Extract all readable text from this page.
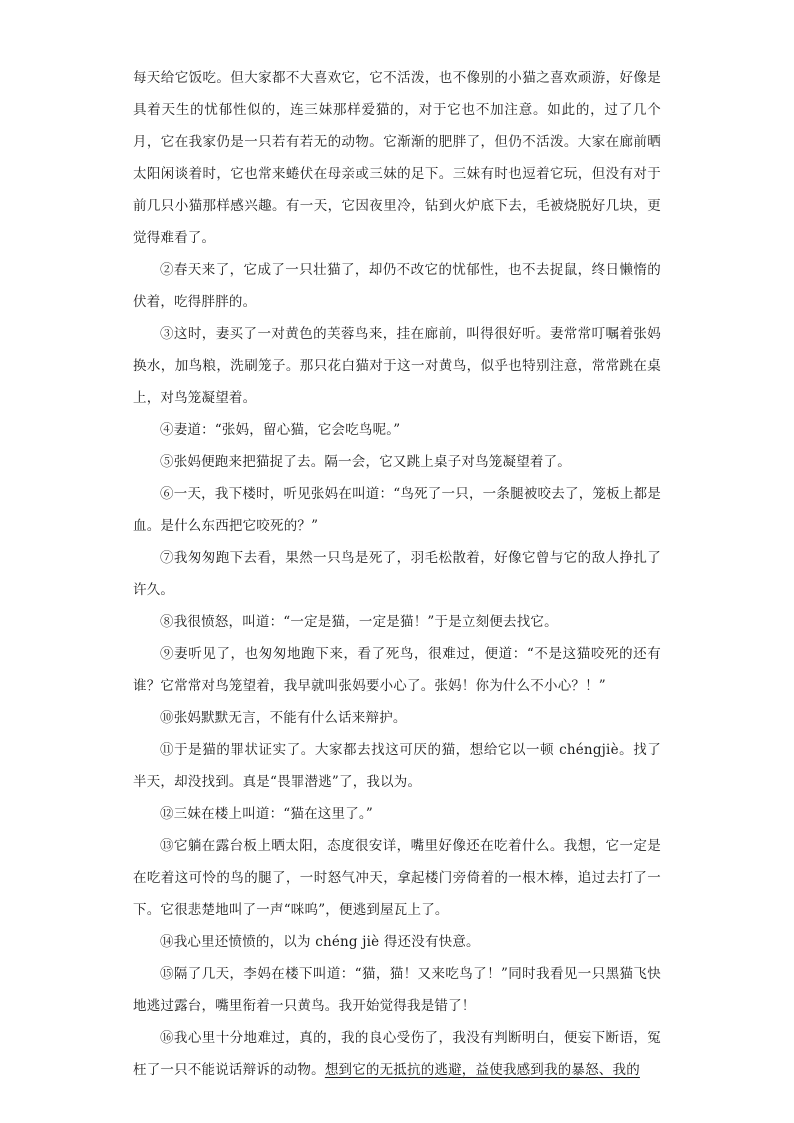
每天给它饭吃。但大家都不大喜欢它，它不活泼，也不像别的小猫之喜欢顽游，好像是具着天生的忧郁性似的，连三妹那样爱猫的，对于它也不加注意。如此的，过了几个月，它在我家仍是一只若有若无的动物。它渐渐的肥胖了，但仍不活泼。大家在廊前晒太阳闲谈着时，它也常来蜷伏在母亲或三妹的足下。三妹有时也逗着它玩，但没有对于前几只小猫那样感兴趣。有一天，它因夜里冷，钻到火炉底下去，毛被烧脱好几块，更觉得难看了。

②春天来了，它成了一只壮猫了，却仍不改它的忧郁性，也不去捉鼠，终日懒惰的伏着，吃得胖胖的。

③这时，妻买了一对黄色的芙蓉鸟来，挂在廊前，叫得很好听。妻常常叮嘱着张妈换水，加鸟粮，洗刷笼子。那只花白猫对于这一对黄鸟，似乎也特别注意，常常跳在桌上，对鸟笼凝望着。

④妻道：“张妈，留心猫，它会吃鸟呢。”

⑤张妈便跑来把猫捉了去。隔一会，它又跳上桌子对鸟笼凝望着了。

⑥一天，我下楼时，听见张妈在叫道：“鸟死了一只，一条腿被咬去了，笼板上都是血。是什么东西把它咬死的？”

⑦我匆匆跑下去看，果然一只鸟是死了，羽毛松散着，好像它曾与它的敌人挣扎了许久。

⑧我很愤怒，叫道：“一定是猫，一定是猫！”于是立刻便去找它。

⑨妻听见了，也匆匆地跑下来，看了死鸟，很难过，便道：“不是这猫咬死的还有谁？它常常对鸟笼望着，我早就叫张妈要小心了。张妈！你为什么不小心？！”

⑩张妈默默无言，不能有什么话来辩护。

⑪于是猫的罪状证实了。大家都去找这可厌的猫，想给它以一顿 chéngjiè。找了半天，却没找到。真是“畏罪潜逃”了，我以为。

⑫三妹在楼上叫道：“猫在这里了。”

⑬它躺在露台板上晒太阳，态度很安详，嘴里好像还在吃着什么。我想，它一定是在吃着这可怜的鸟的腿了，一时怒气冲天，拿起楼门旁倚着的一根木棒，追过去打了一下。它很悲楚地叫了一声“咪呜”，便逃到屋瓦上了。

⑭我心里还愤愤的，以为 chéng jiè 得还没有快意。

⑮隔了几天，李妈在楼下叫道：“猫，猫！又来吃鸟了！”同时我看见一只黑猫飞快地逃过露台，嘴里衔着一只黄鸟。我开始觉得我是错了！

⑯我心里十分地难过，真的，我的良心受伤了，我没有判断明白，便妄下断语，冤枉了一只不能说话辩诉的动物。想到它的无抵抗的逃避，益使我感到我的暴怒、我的
